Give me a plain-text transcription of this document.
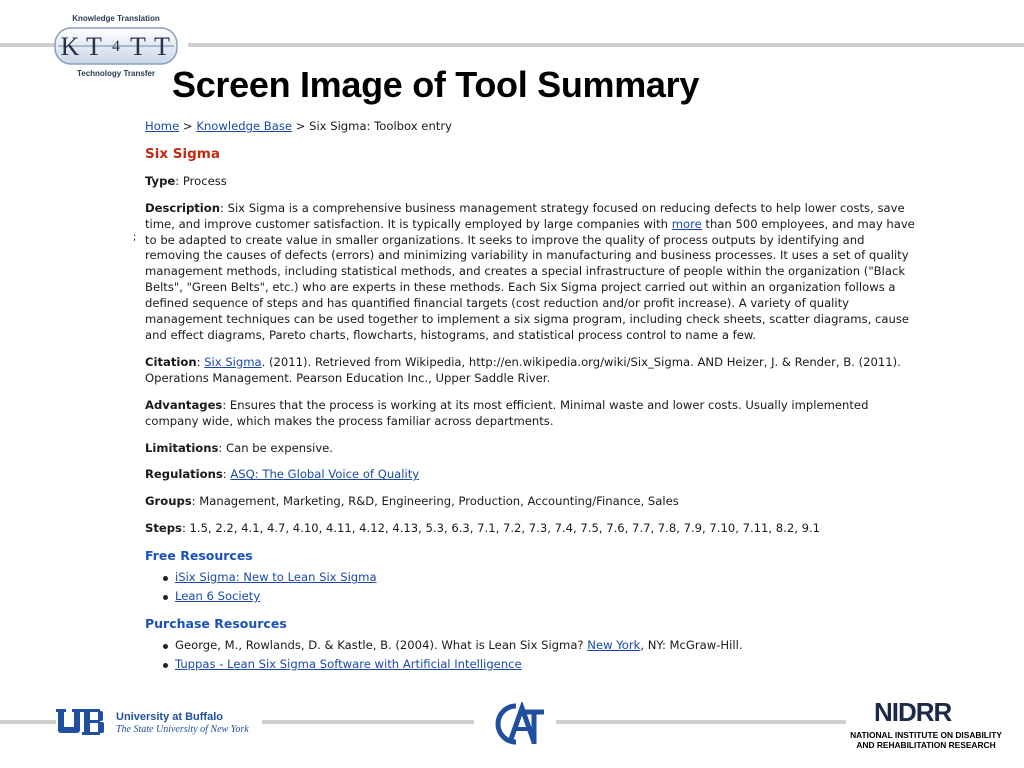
Knowledge Translation
K T 4 T T
Technology Transfer Screen Image of Tool Summary
;

Home > Knowledge Base > Six Sigma: Toolbox entry

Six Sigma

Type: Process

Description: Six Sigma is a comprehensive business management strategy focused on reducing defects to help lower costs, save time, and improve customer satisfaction. It is typically employed by large companies with more than 500 employees, and may have to be adapted to create value in smaller organizations. It seeks to improve the quality of process outputs by identifying and removing the causes of defects (errors) and minimizing variability in manufacturing and business processes. It uses a set of quality management methods, including statistical methods, and creates a special infrastructure of people within the organization ("Black Belts", "Green Belts", etc.) who are experts in these methods. Each Six Sigma project carried out within an organization follows a defined sequence of steps and has quantified financial targets (cost reduction and/or profit increase). A variety of quality management techniques can be used together to implement a six sigma program, including check sheets, scatter diagrams, cause and effect diagrams, Pareto charts, flowcharts, histograms, and statistical process control to name a few.

Citation: Six Sigma. (2011). Retrieved from Wikipedia, http://en.wikipedia.org/wiki/Six_Sigma. AND Heizer, J. & Render, B. (2011). Operations Management. Pearson Education Inc., Upper Saddle River.

Advantages: Ensures that the process is working at its most efficient. Minimal waste and lower costs. Usually implemented company wide, which makes the process familiar across departments.

Limitations: Can be expensive.

Regulations: ASQ: The Global Voice of Quality

Groups: Management, Marketing, R&D, Engineering, Production, Accounting/Finance, Sales

Steps: 1.5, 2.2, 4.1, 4.7, 4.10, 4.11, 4.12, 4.13, 5.3, 6.3, 7.1, 7.2, 7.3, 7.4, 7.5, 7.6, 7.7, 7.8, 7.9, 7.10, 7.11, 8.2, 9.1

Free Resources

iSix Sigma: New to Lean Six Sigma
Lean 6 Society

Purchase Resources

George, M., Rowlands, D. & Kastle, B. (2004). What is Lean Six Sigma? New York, NY: McGraw-Hill.
Tuppas - Lean Six Sigma Software with Artificial Intelligence
University at Buffalo
The State University of New York
NIDRR
NATIONAL INSTITUTE ON DISABILITY
AND REHABILITATION RESEARCH
